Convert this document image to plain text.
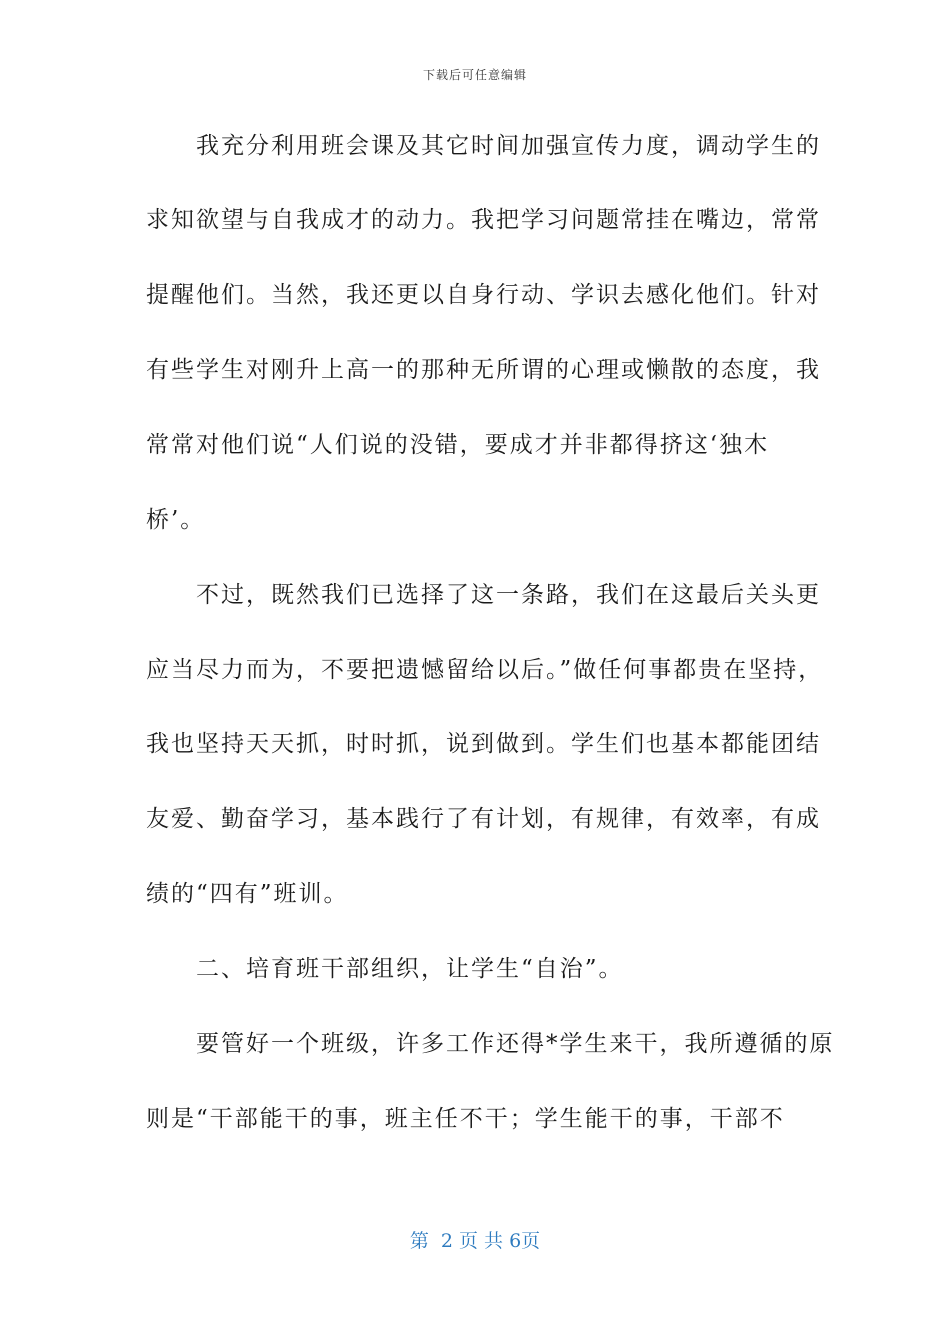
下载后可任意编辑
　　我充分利用班会课及其它时间加强宣传力度，调动学生的
求知欲望与自我成才的动力。我把学习问题常挂在嘴边，常常
提醒他们。当然，我还更以自身行动、学识去感化他们。针对
有些学生对刚升上高一的那种无所谓的心理或懒散的态度，我
常常对他们说“人们说的没错，要成才并非都得挤这‘独木
桥’。
　　不过，既然我们已选择了这一条路，我们在这最后关头更
应当尽力而为，不要把遗憾留给以后。”做任何事都贵在坚持，
我也坚持天天抓，时时抓，说到做到。学生们也基本都能团结
友爱、勤奋学习，基本践行了有计划，有规律，有效率，有成
绩的“四有”班训。
　　二、培育班干部组织，让学生“自治”。
　　要管好一个班级，许多工作还得*学生来干，我所遵循的原
则是“干部能干的事，班主任不干；学生能干的事，干部不
第  2 页 共 6页
